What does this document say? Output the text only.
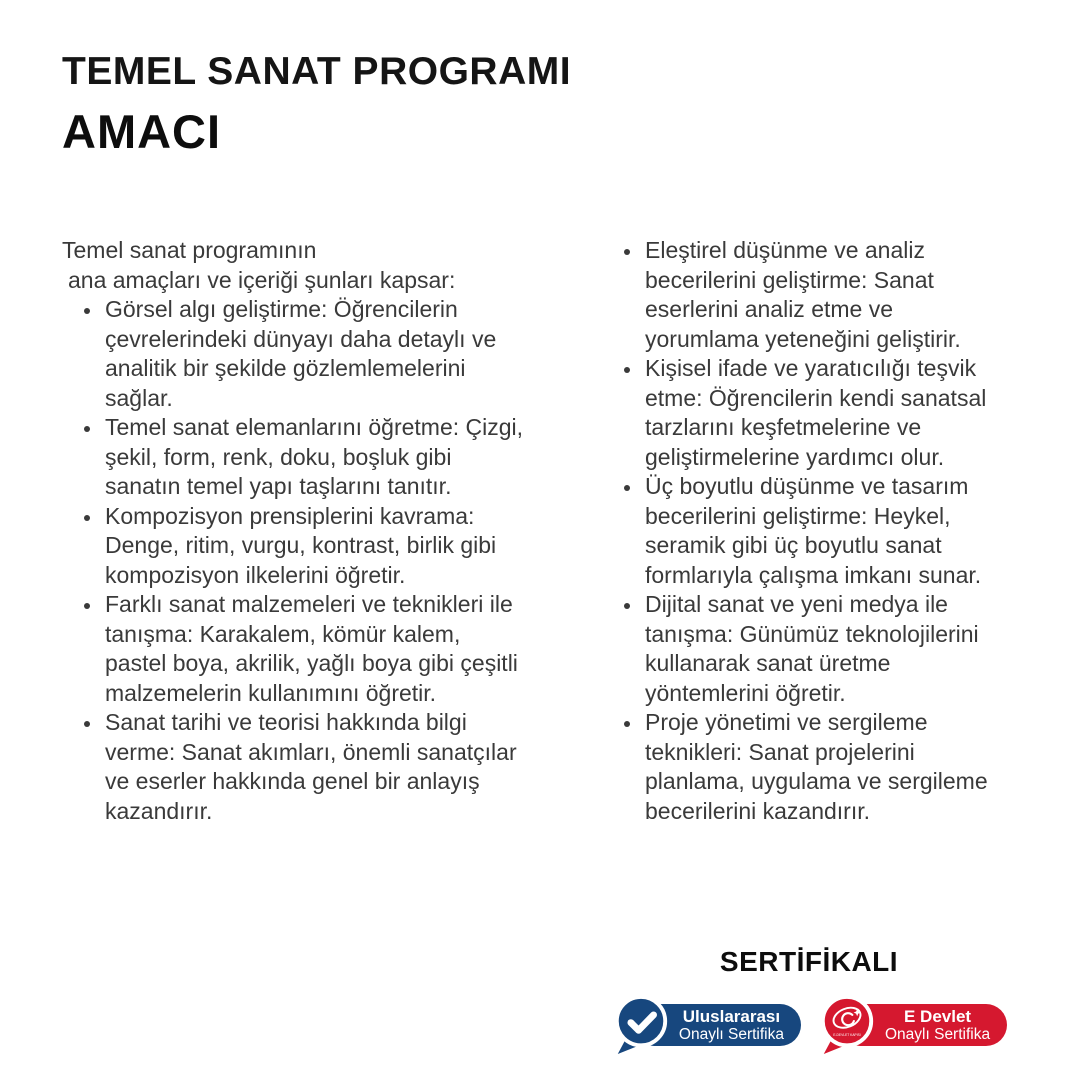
TEMEL SANAT PROGRAMI
AMACI

Temel sanat programının

ana amaçları ve içeriği şunları kapsar:

• Görsel algı geliştirme: Öğrencilerin çevrelerindeki dünyayı daha detaylı ve analitik bir şekilde gözlemlemelerini sağlar.
• Temel sanat elemanlarını öğretme: Çizgi, şekil, form, renk, doku, boşluk gibi sanatın temel yapı taşlarını tanıtır.
• Kompozisyon prensiplerini kavrama: Denge, ritim, vurgu, kontrast, birlik gibi kompozisyon ilkelerini öğretir.
• Farklı sanat malzemeleri ve teknikleri ile tanışma: Karakalem, kömür kalem, pastel boya, akrilik, yağlı boya gibi çeşitli malzemelerin kullanımını öğretir.
• Sanat tarihi ve teorisi hakkında bilgi verme: Sanat akımları, önemli sanatçılar ve eserler hakkında genel bir anlayış kazandırır.
• Eleştirel düşünme ve analiz becerilerini geliştirme: Sanat eserlerini analiz etme ve yorumlama yeteneğini geliştirir.
• Kişisel ifade ve yaratıcılığı teşvik etme: Öğrencilerin kendi sanatsal tarzlarını keşfetmelerine ve geliştirmelerine yardımcı olur.
• Üç boyutlu düşünme ve tasarım becerilerini geliştirme: Heykel, seramik gibi üç boyutlu sanat formlarıyla çalışma imkanı sunar.
• Dijital sanat ve yeni medya ile tanışma: Günümüz teknolojilerini kullanarak sanat üretme yöntemlerini öğretir.
• Proje yönetimi ve sergileme teknikleri: Sanat projelerini planlama, uygulama ve sergileme becerilerini kazandırır.
SERTİFİKALI
Uluslararası
Onaylı Sertifika	E-DEVLET KAPISI
E Devlet
Onaylı Sertifika
